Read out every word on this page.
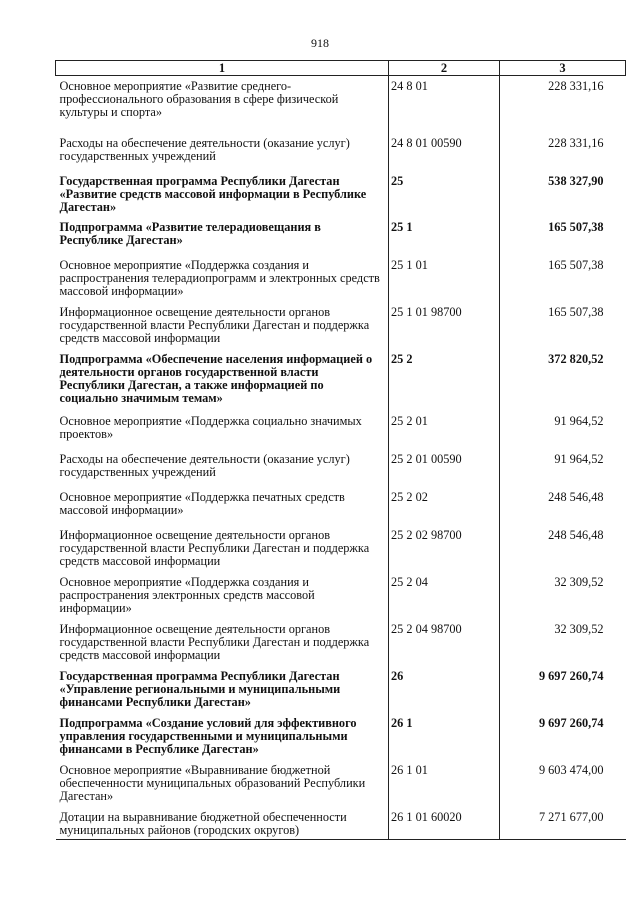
918
1	2	3
Основное мероприятие «Развитие среднего-профессионального образования в сфере физической культуры и спорта»	24 8 01	228 331,16
Расходы на обеспечение деятельности (оказание услуг) государственных учреждений	24 8 01 00590	228 331,16
Государственная программа Республики Дагестан «Развитие средств массовой информации в Республике Дагестан»	25	538 327,90
Подпрограмма «Развитие телерадиовещания в Республике Дагестан»	25 1	165 507,38
Основное мероприятие «Поддержка создания и распространения телерадиопрограмм и электронных средств массовой информации»	25 1 01	165 507,38
Информационное освещение деятельности органов государственной власти Республики Дагестан и поддержка средств массовой информации	25 1 01 98700	165 507,38
Подпрограмма «Обеспечение населения информацией о деятельности органов государственной власти Республики Дагестан, а также информацией по социально значимым темам»	25 2	372 820,52
Основное мероприятие «Поддержка социально значимых проектов»	25 2 01	91 964,52
Расходы на обеспечение деятельности (оказание услуг) государственных учреждений	25 2 01 00590	91 964,52
Основное мероприятие «Поддержка печатных средств массовой информации»	25 2 02	248 546,48
Информационное освещение деятельности органов государственной власти Республики Дагестан и поддержка средств массовой информации	25 2 02 98700	248 546,48
Основное мероприятие «Поддержка создания и распространения электронных средств массовой информации»	25 2 04	32 309,52
Информационное освещение деятельности органов государственной власти Республики Дагестан и поддержка средств массовой информации	25 2 04 98700	32 309,52
Государственная программа Республики Дагестан «Управление региональными и муниципальными финансами Республики Дагестан»	26	9 697 260,74
Подпрограмма «Создание условий для эффективного управления государственными и муниципальными финансами в Республике Дагестан»	26 1	9 697 260,74
Основное мероприятие «Выравнивание бюджетной обеспеченности муниципальных образований Республики Дагестан»	26 1 01	9 603 474,00
Дотации на выравнивание бюджетной обеспеченности муниципальных районов (городских округов)	26 1 01 60020	7 271 677,00
